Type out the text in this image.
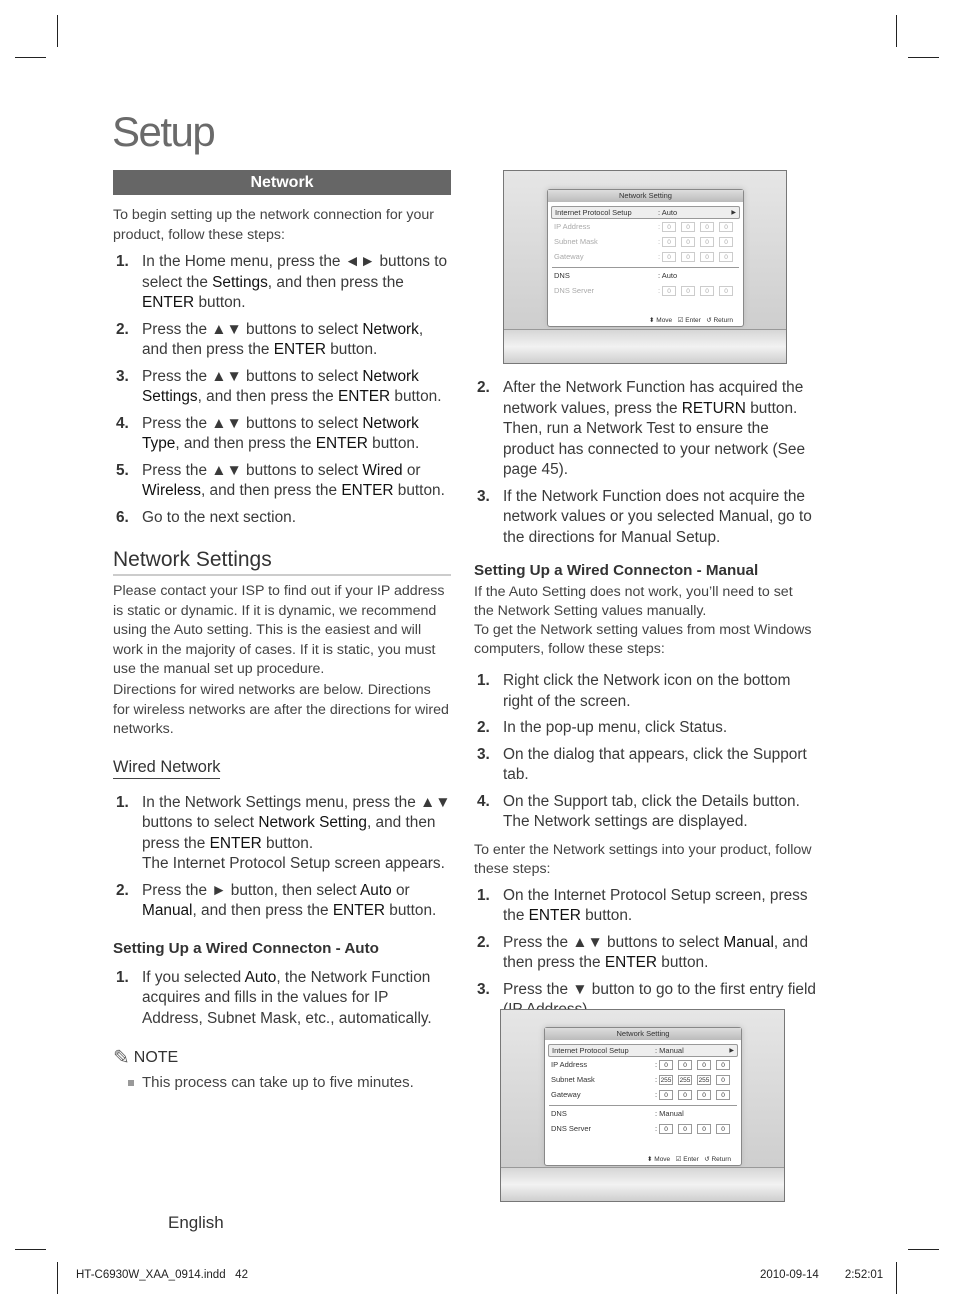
Setup
Network

To begin setting up the network connection for your product, follow these steps:

1. In the Home menu, press the ◄► buttons to select the Settings, and then press the ENTER button.
2. Press the ▲▼ buttons to select Network, and then press the ENTER button.
3. Press the ▲▼ buttons to select Network Settings, and then press the ENTER button.
4. Press the ▲▼ buttons to select Network Type, and then press the ENTER button.
5. Press the ▲▼ buttons to select Wired or Wireless, and then press the ENTER button.
6. Go to the next section.
Network Settings

Please contact your ISP to find out if your IP address is static or dynamic. If it is dynamic, we recommend using the Auto setting. This is the easiest and will work in the majority of cases. If it is static, you must use the manual set up procedure.

Directions for wired networks are below. Directions for wireless networks are after the directions for wired networks.

Wired Network
1. In the Network Settings menu, press the ▲▼ buttons to select Network Setting, and then press the ENTER button.
The Internet Protocol Setup screen appears.
2. Press the ► button, then select Auto or Manual, and then press the ENTER button.
Setting Up a Wired Connecton - Auto
1. If you selected Auto, the Network Function acquires and fills in the values for IP Address, Subnet Mask, etc., automatically.
✎ NOTE
This process can take up to five minutes.
Network Setting
Internet Protocol Setup	: Auto	▶
IP Address	:	0	0	0	0
Subnet Mask	:	0	0	0	0
Gateway	:	0	0	0	0
DNS	: Auto
DNS Server	:	0	0	0	0
⬍ Move ☑ Enter ↺ Return
2. After the Network Function has acquired the network values, press the RETURN button. Then, run a Network Test to ensure the product has connected to your network (See page 45).
3. If the Network Function does not acquire the network values or you selected Manual, go to the directions for Manual Setup.
Setting Up a Wired Connecton - Manual

If the Auto Setting does not work, you’ll need to set the Network Setting values manually.

To get the Network setting values from most Windows computers, follow these steps:

1. Right click the Network icon on the bottom right of the screen.
2. In the pop-up menu, click Status.
3. On the dialog that appears, click the Support tab.
4. On the Support tab, click the Details button. The Network settings are displayed.

To enter the Network settings into your product, follow these steps:

1. On the Internet Protocol Setup screen, press the ENTER button.
2. Press the ▲▼ buttons to select Manual, and then press the ENTER button.
3. Press the ▼ button to go to the first entry field
Network Setting
Internet Protocol Setup	: Manual	▶
IP Address	:	0	0	0	0
Subnet Mask	: 255 255 255	0
Gateway	:	0	0	0	0
DNS	: Manual
DNS Server	:	0	0	0	0
⬍ Move ☑ Enter ↺ Return
English
HT-C6930W_XAA_0914.indd   42	2010-09-14 2:52:01
